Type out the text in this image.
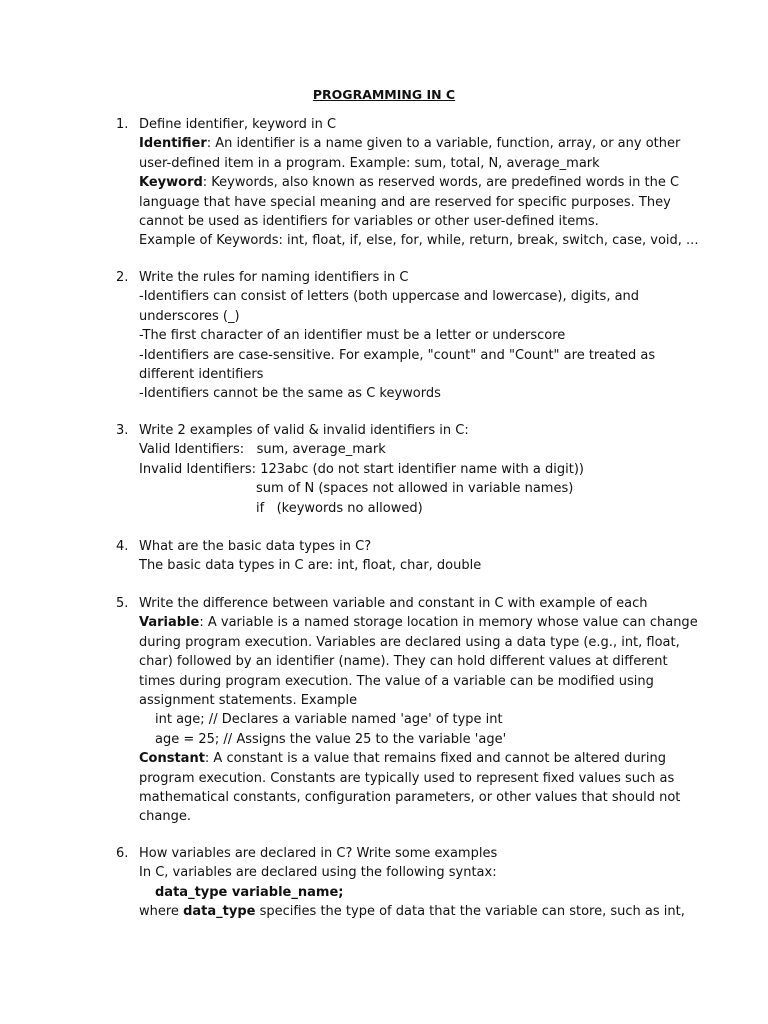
PROGRAMMING IN C
1. Define identifier, keyword in C
Identifier: An identifier is a name given to a variable, function, array, or any other
user-defined item in a program. Example: sum, total, N, average_mark
Keyword: Keywords, also known as reserved words, are predefined words in the C
language that have special meaning and are reserved for specific purposes. They
cannot be used as identifiers for variables or other user-defined items.
Example of Keywords: int, float, if, else, for, while, return, break, switch, case, void, ...
2. Write the rules for naming identifiers in C
-Identifiers can consist of letters (both uppercase and lowercase), digits, and
underscores (_)
-The first character of an identifier must be a letter or underscore
-Identifiers are case-sensitive. For example, "count" and "Count" are treated as
different identifiers
-Identifiers cannot be the same as C keywords
3. Write 2 examples of valid & invalid identifiers in C:
Valid Identifiers:   sum, average_mark
Invalid Identifiers: 123abc (do not start identifier name with a digit))
sum of N (spaces not allowed in variable names)
if   (keywords no allowed)
4. What are the basic data types in C?
The basic data types in C are: int, float, char, double
5. Write the difference between variable and constant in C with example of each
Variable: A variable is a named storage location in memory whose value can change
during program execution. Variables are declared using a data type (e.g., int, float,
char) followed by an identifier (name). They can hold different values at different
times during program execution. The value of a variable can be modified using
assignment statements. Example
int age; // Declares a variable named 'age' of type int
age = 25; // Assigns the value 25 to the variable 'age'
Constant: A constant is a value that remains fixed and cannot be altered during
program execution. Constants are typically used to represent fixed values such as
mathematical constants, configuration parameters, or other values that should not
change.
6. How variables are declared in C? Write some examples
In C, variables are declared using the following syntax:
data_type variable_name;
where data_type specifies the type of data that the variable can store, such as int,
